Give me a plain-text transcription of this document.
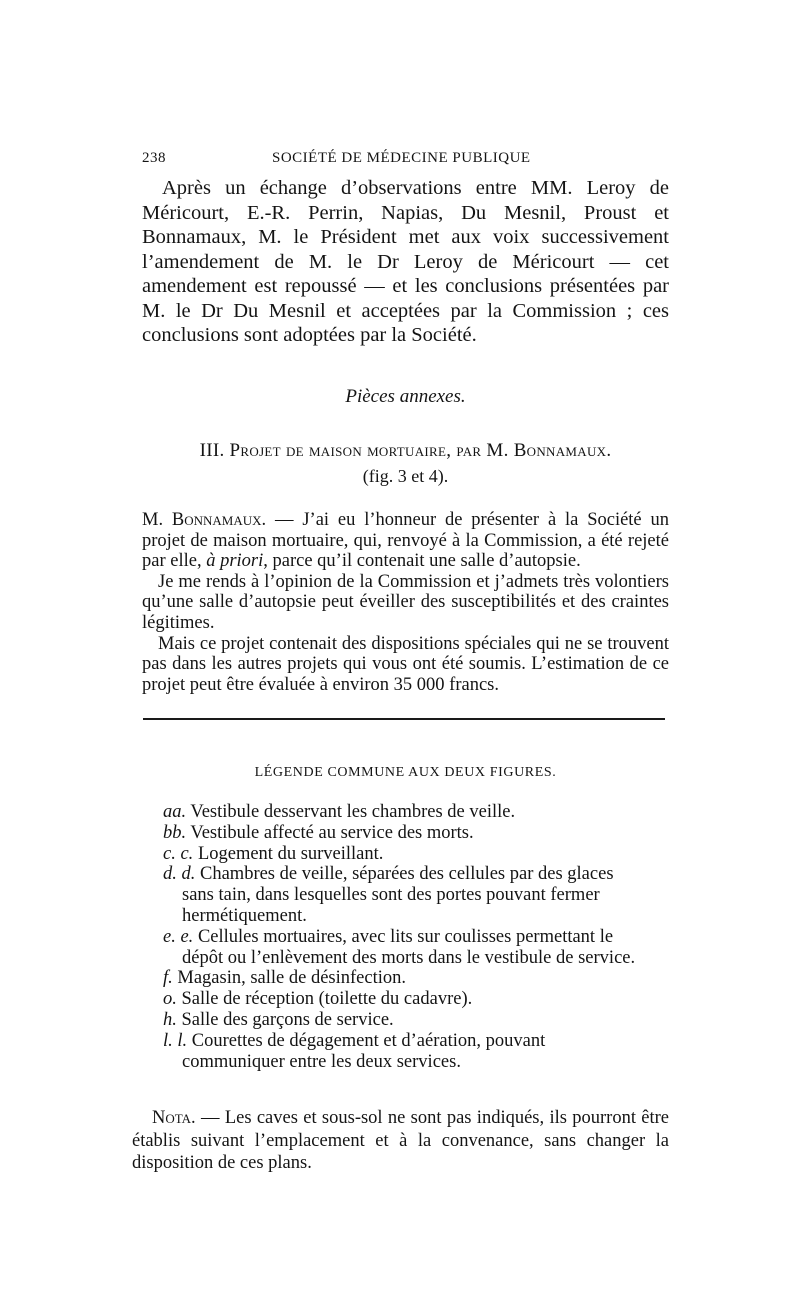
238	SOCIÉTÉ DE MÉDECINE PUBLIQUE

Après un échange d’observations entre MM. Leroy de Méricourt, E.-R. Perrin, Napias, Du Mesnil, Proust et Bonnamaux, M. le Président met aux voix successivement l’amendement de M. le Dr Leroy de Méricourt — cet amendement est repoussé — et les conclusions présentées par M. le Dr Du Mesnil et acceptées par la Commission ; ces conclusions sont adoptées par la Société.

Pièces annexes.

III. Projet de maison mortuaire, par M. Bonnamaux.

(fig. 3 et 4).

M. Bonnamaux. — J’ai eu l’honneur de présenter à la Société un projet de maison mortuaire, qui, renvoyé à la Commission, a été rejeté par elle, à priori, parce qu’il contenait une salle d’autopsie.

Je me rends à l’opinion de la Commission et j’admets très volontiers qu’une salle d’autopsie peut éveiller des susceptibilités et des craintes légitimes.

Mais ce projet contenait des dispositions spéciales qui ne se trouvent pas dans les autres projets qui vous ont été soumis. L’estimation de ce projet peut être évaluée à environ 35 000 francs.

LÉGENDE COMMUNE AUX DEUX FIGURES.

aa. Vestibule desservant les chambres de veille.
bb. Vestibule affecté au service des morts.
c. c. Logement du surveillant.
d. d. Chambres de veille, séparées des cellules par des glaces sans tain, dans lesquelles sont des portes pouvant fermer hermétiquement.
e. e. Cellules mortuaires, avec lits sur coulisses permettant le dépôt ou l’enlèvement des morts dans le vestibule de service.
f. Magasin, salle de désinfection.
o. Salle de réception (toilette du cadavre).
h. Salle des garçons de service.
l. l. Courettes de dégagement et d’aération, pouvant communiquer entre les deux services.

Nota. — Les caves et sous-sol ne sont pas indiqués, ils pourront être établis suivant l’emplacement et à la convenance, sans changer la disposition de ces plans.
